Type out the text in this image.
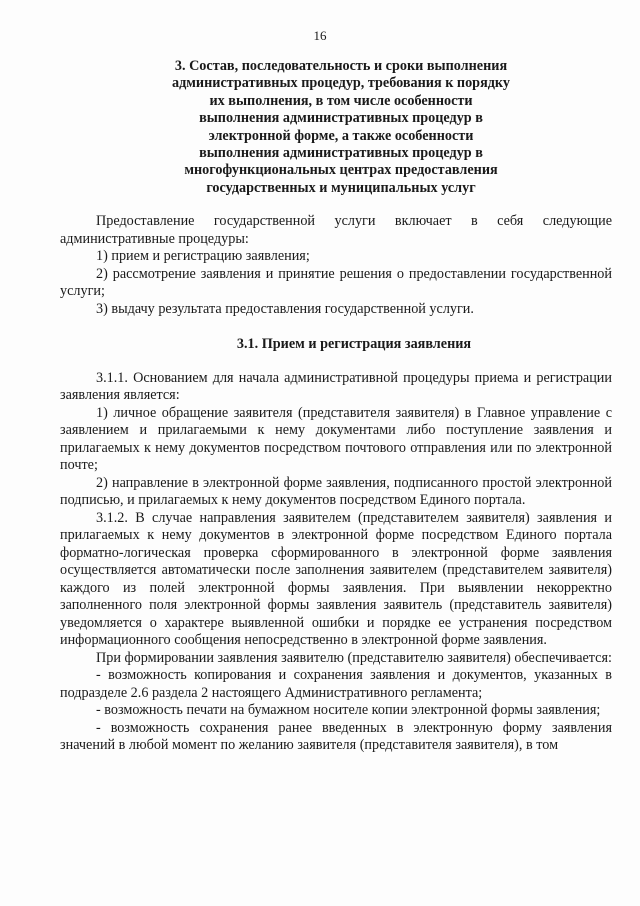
16
3. Состав, последовательность и сроки выполнения
административных процедур, требования к порядку
их выполнения, в том числе особенности
выполнения административных процедур в
электронной форме, а также особенности
выполнения административных процедур в
многофункциональных центрах предоставления
государственных и муниципальных услуг

Предоставление государственной услуги включает в себя следующие административные процедуры:

1) прием и регистрацию заявления;

2) рассмотрение заявления и принятие решения о предоставлении государственной услуги;

3) выдачу результата предоставления государственной услуги.

3.1. Прием и регистрация заявления

3.1.1. Основанием для начала административной процедуры приема и регистрации заявления является:

1) личное обращение заявителя (представителя заявителя) в Главное управление с заявлением и прилагаемыми к нему документами либо поступление заявления и прилагаемых к нему документов посредством почтового отправления или по электронной почте;

2) направление в электронной форме заявления, подписанного простой электронной подписью, и прилагаемых к нему документов посредством Единого портала.

3.1.2. В случае направления заявителем (представителем заявителя) заявления и прилагаемых к нему документов в электронной форме посредством Единого портала форматно-логическая проверка сформированного в электронной форме заявления осуществляется автоматически после заполнения заявителем (представителем заявителя) каждого из полей электронной формы заявления. При выявлении некорректно заполненного поля электронной формы заявления заявитель (представитель заявителя) уведомляется о характере выявленной ошибки и порядке ее устранения посредством информационного сообщения непосредственно в электронной форме заявления.

При формировании заявления заявителю (представителю заявителя) обеспечивается:

- возможность копирования и сохранения заявления и документов, указанных в подразделе 2.6 раздела 2 настоящего Административного регламента;

- возможность печати на бумажном носителе копии электронной формы заявления;

- возможность сохранения ранее введенных в электронную форму заявления значений в любой момент по желанию заявителя (представителя заявителя), в том
